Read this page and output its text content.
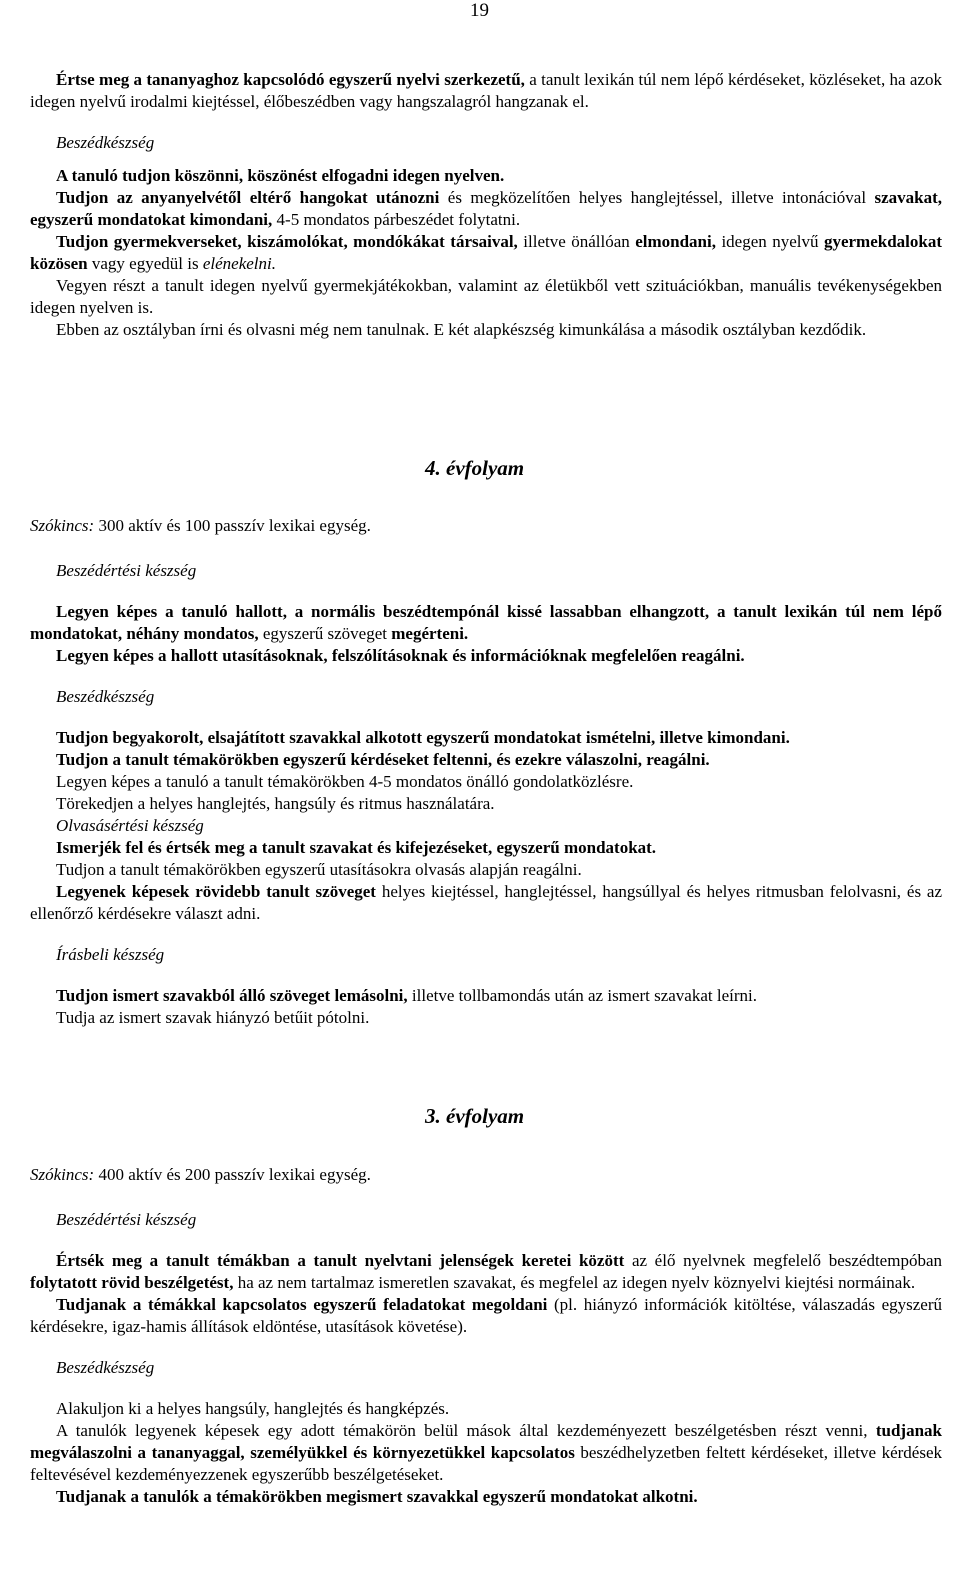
19

Értse meg a tananyaghoz kapcsolódó egyszerű nyelvi szerkezetű, a tanult lexikán túl nem lépő kérdéseket, közléseket, ha azok idegen nyelvű irodalmi kiejtéssel, élőbeszédben vagy hangszalagról hangzanak el.

Beszédkészség

A tanuló tudjon köszönni, köszönést elfogadni idegen nyelven.

Tudjon az anyanyelvétől eltérő hangokat utánozni és megközelítően helyes hanglejtéssel, illetve intonációval szavakat, egyszerű mondatokat kimondani, 4-5 mondatos párbeszédet folytatni.

Tudjon gyermekverseket, kiszámolókat, mondókákat társaival, illetve önállóan elmondani, idegen nyelvű gyermekdalokat közösen vagy egyedül is elénekelni.

Vegyen részt a tanult idegen nyelvű gyermekjátékokban, valamint az életükből vett szituációkban, manuális tevékenységekben idegen nyelven is.

Ebben az osztályban írni és olvasni még nem tanulnak. E két alapkészség kimunkálása a második osztályban kezdődik.

4. évfolyam
Szókincs: 300 aktív és 100 passzív lexikai egység.

Beszédértési készség

Legyen képes a tanuló hallott, a normális beszédtempónál kissé lassabban elhangzott, a tanult lexikán túl nem lépő mondatokat, néhány mondatos, egyszerű szöveget megérteni.

Legyen képes a hallott utasításoknak, felszólításoknak és információknak megfelelően reagálni.

Beszédkészség

Tudjon begyakorolt, elsajátított szavakkal alkotott egyszerű mondatokat ismételni, illetve kimondani.

Tudjon a tanult témakörökben egyszerű kérdéseket feltenni, és ezekre válaszolni, reagálni.

Legyen képes a tanuló a tanult témakörökben 4-5 mondatos önálló gondolatközlésre.

Törekedjen a helyes hanglejtés, hangsúly és ritmus használatára.

Olvasásértési készség

Ismerjék fel és értsék meg a tanult szavakat és kifejezéseket, egyszerű mondatokat.

Tudjon a tanult témakörökben egyszerű utasításokra olvasás alapján reagálni.

Legyenek képesek rövidebb tanult szöveget helyes kiejtéssel, hanglejtéssel, hangsúllyal és helyes ritmusban felolvasni, és az ellenőrző kérdésekre választ adni.

Írásbeli készség

Tudjon ismert szavakból álló szöveget lemásolni, illetve tollbamondás után az ismert szavakat leírni.

Tudja az ismert szavak hiányzó betűit pótolni.

3. évfolyam
Szókincs: 400 aktív és 200 passzív lexikai egység.

Beszédértési készség

Értsék meg a tanult témákban a tanult nyelvtani jelenségek keretei között az élő nyelvnek megfelelő beszédtempóban folytatott rövid beszélgetést, ha az nem tartalmaz ismeretlen szavakat, és megfelel az idegen nyelv köznyelvi kiejtési normáinak.

Tudjanak a témákkal kapcsolatos egyszerű feladatokat megoldani (pl. hiányzó információk kitöltése, válaszadás egyszerű kérdésekre, igaz-hamis állítások eldöntése, utasítások követése).

Beszédkészség

Alakuljon ki a helyes hangsúly, hanglejtés és hangképzés.

A tanulók legyenek képesek egy adott témakörön belül mások által kezdeményezett beszélgetésben részt venni, tudjanak megválaszolni a tananyaggal, személyükkel és környezetükkel kapcsolatos beszédhelyzetben feltett kérdéseket, illetve kérdések feltevésével kezdeményezzenek egyszerűbb beszélgetéseket.

Tudjanak a tanulók a témakörökben megismert szavakkal egyszerű mondatokat alkotni.
